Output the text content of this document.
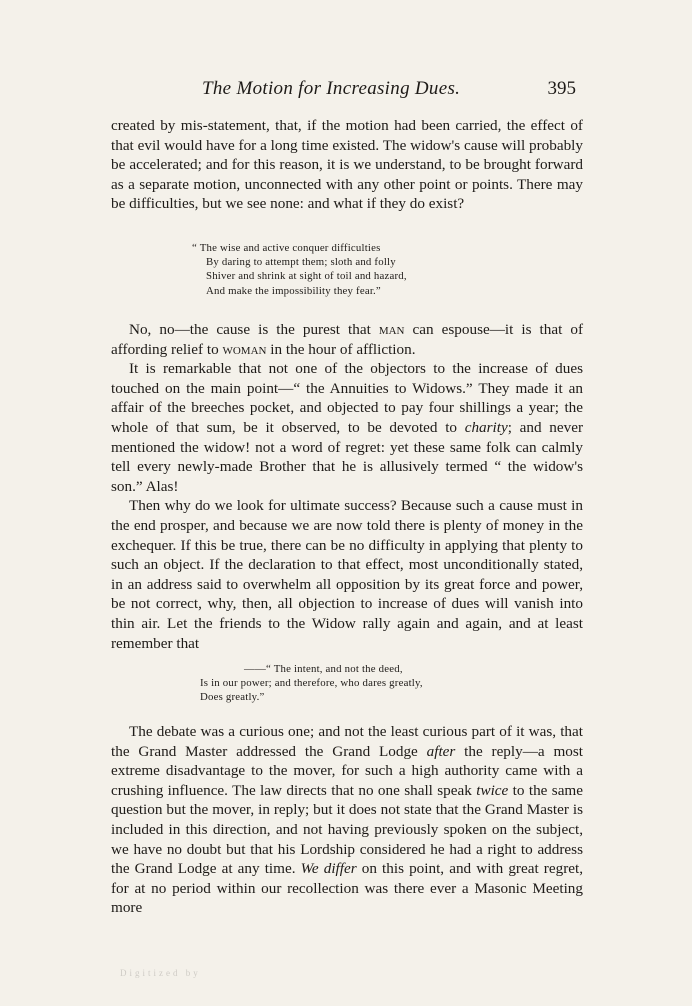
The Motion for Increasing Dues.	395

created by mis-statement, that, if the motion had been carried, the effect of that evil would have for a long time existed. The widow's cause will probably be accelerated; and for this reason, it is we understand, to be brought forward as a separate motion, unconnected with any other point or points. There may be difficulties, but we see none: and what if they do exist?

“ The wise and active conquer difficulties
By daring to attempt them; sloth and folly
Shiver and shrink at sight of toil and hazard,
And make the impossibility they fear.”

No, no—the cause is the purest that man can espouse—it is that of affording relief to woman in the hour of affliction.

It is remarkable that not one of the objectors to the increase of dues touched on the main point—“ the Annuities to Widows.” They made it an affair of the breeches pocket, and objected to pay four shillings a year; the whole of that sum, be it observed, to be devoted to charity; and never mentioned the widow! not a word of regret: yet these same folk can calmly tell every newly-made Brother that he is allusively termed “ the widow's son.” Alas!

Then why do we look for ultimate success? Because such a cause must in the end prosper, and because we are now told there is plenty of money in the exchequer. If this be true, there can be no difficulty in applying that plenty to such an object. If the declaration to that effect, most unconditionally stated, in an address said to overwhelm all opposition by its great force and power, be not correct, why, then, all objection to increase of dues will vanish into thin air. Let the friends to the Widow rally again and again, and at least remember that

——“ The intent, and not the deed,
Is in our power; and therefore, who dares greatly,
Does greatly.”

The debate was a curious one; and not the least curious part of it was, that the Grand Master addressed the Grand Lodge after the reply—a most extreme disadvantage to the mover, for such a high authority came with a crushing influence. The law directs that no one shall speak twice to the same question but the mover, in reply; but it does not state that the Grand Master is included in this direction, and not having previously spoken on the subject, we have no doubt but that his Lordship considered he had a right to address the Grand Lodge at any time. We differ on this point, and with great regret, for at no period within our recollection was there ever a Masonic Meeting more

Digitized by
